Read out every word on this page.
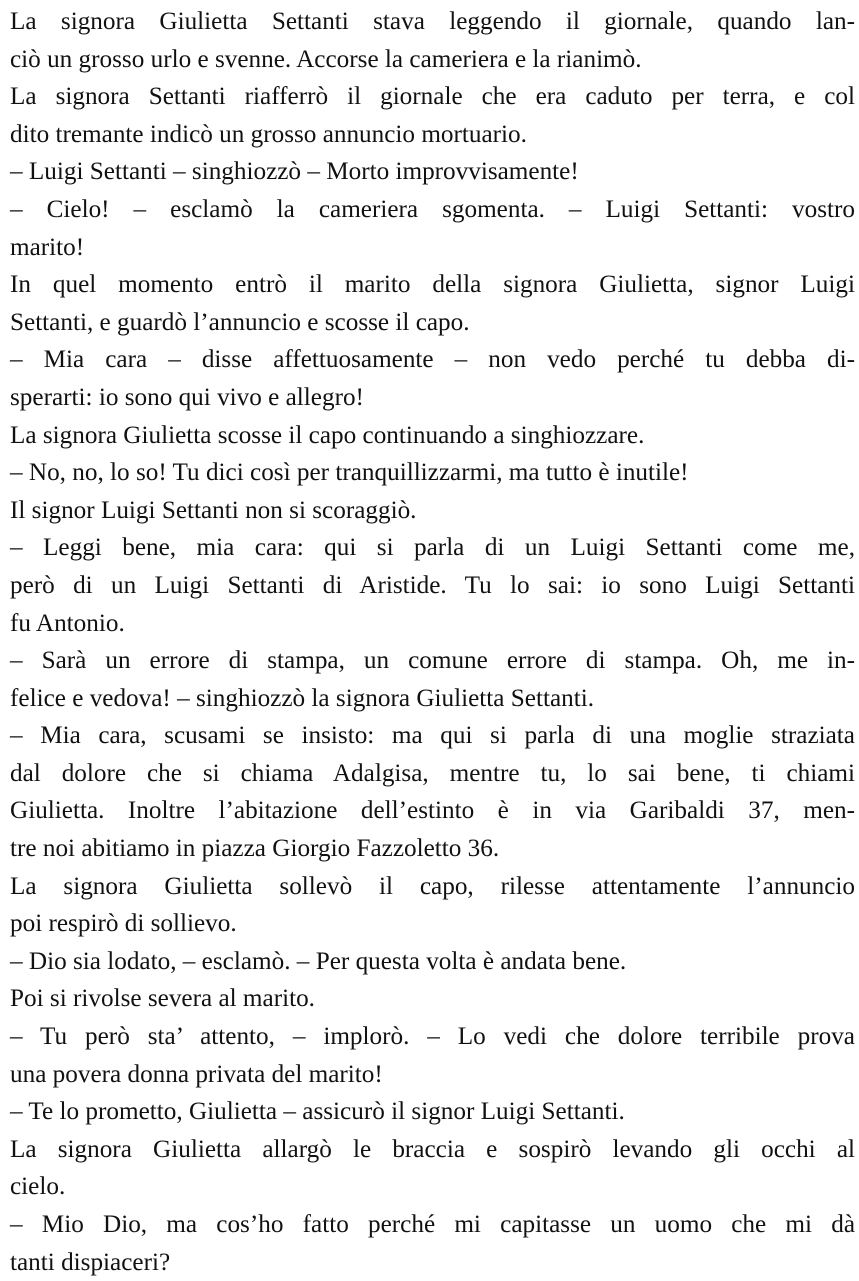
La signora Giulietta Settanti stava leggendo il giornale, quando lan-
ciò un grosso urlo e svenne. Accorse la cameriera e la rianimò.
La signora Settanti riafferrò il giornale che era caduto per terra, e col
dito tremante indicò un grosso annuncio mortuario.
– Luigi Settanti – singhiozzò – Morto improvvisamente!
– Cielo! – esclamò la cameriera sgomenta. – Luigi Settanti: vostro
marito!
In quel momento entrò il marito della signora Giulietta, signor Luigi
Settanti, e guardò l’annuncio e scosse il capo.
– Mia cara – disse affettuosamente – non vedo perché tu debba di-
sperarti: io sono qui vivo e allegro!
La signora Giulietta scosse il capo continuando a singhiozzare.
– No, no, lo so! Tu dici così per tranquillizzarmi, ma tutto è inutile!
Il signor Luigi Settanti non si scoraggiò.
– Leggi bene, mia cara: qui si parla di un Luigi Settanti come me,
però di un Luigi Settanti di Aristide. Tu lo sai: io sono Luigi Settanti
fu Antonio.
– Sarà un errore di stampa, un comune errore di stampa. Oh, me in-
felice e vedova! – singhiozzò la signora Giulietta Settanti.
– Mia cara, scusami se insisto: ma qui si parla di una moglie straziata
dal dolore che si chiama Adalgisa, mentre tu, lo sai bene, ti chiami
Giulietta. Inoltre l’abitazione dell’estinto è in via Garibaldi 37, men-
tre noi abitiamo in piazza Giorgio Fazzoletto 36.
La signora Giulietta sollevò il capo, rilesse attentamente l’annuncio
poi respirò di sollievo.
– Dio sia lodato, – esclamò. – Per questa volta è andata bene.
Poi si rivolse severa al marito.
– Tu però sta’ attento, – implorò. – Lo vedi che dolore terribile prova
una povera donna privata del marito!
– Te lo prometto, Giulietta – assicurò il signor Luigi Settanti.
La signora Giulietta allargò le braccia e sospirò levando gli occhi al
cielo.
– Mio Dio, ma cos’ho fatto perché mi capitasse un uomo che mi dà
tanti dispiaceri?
